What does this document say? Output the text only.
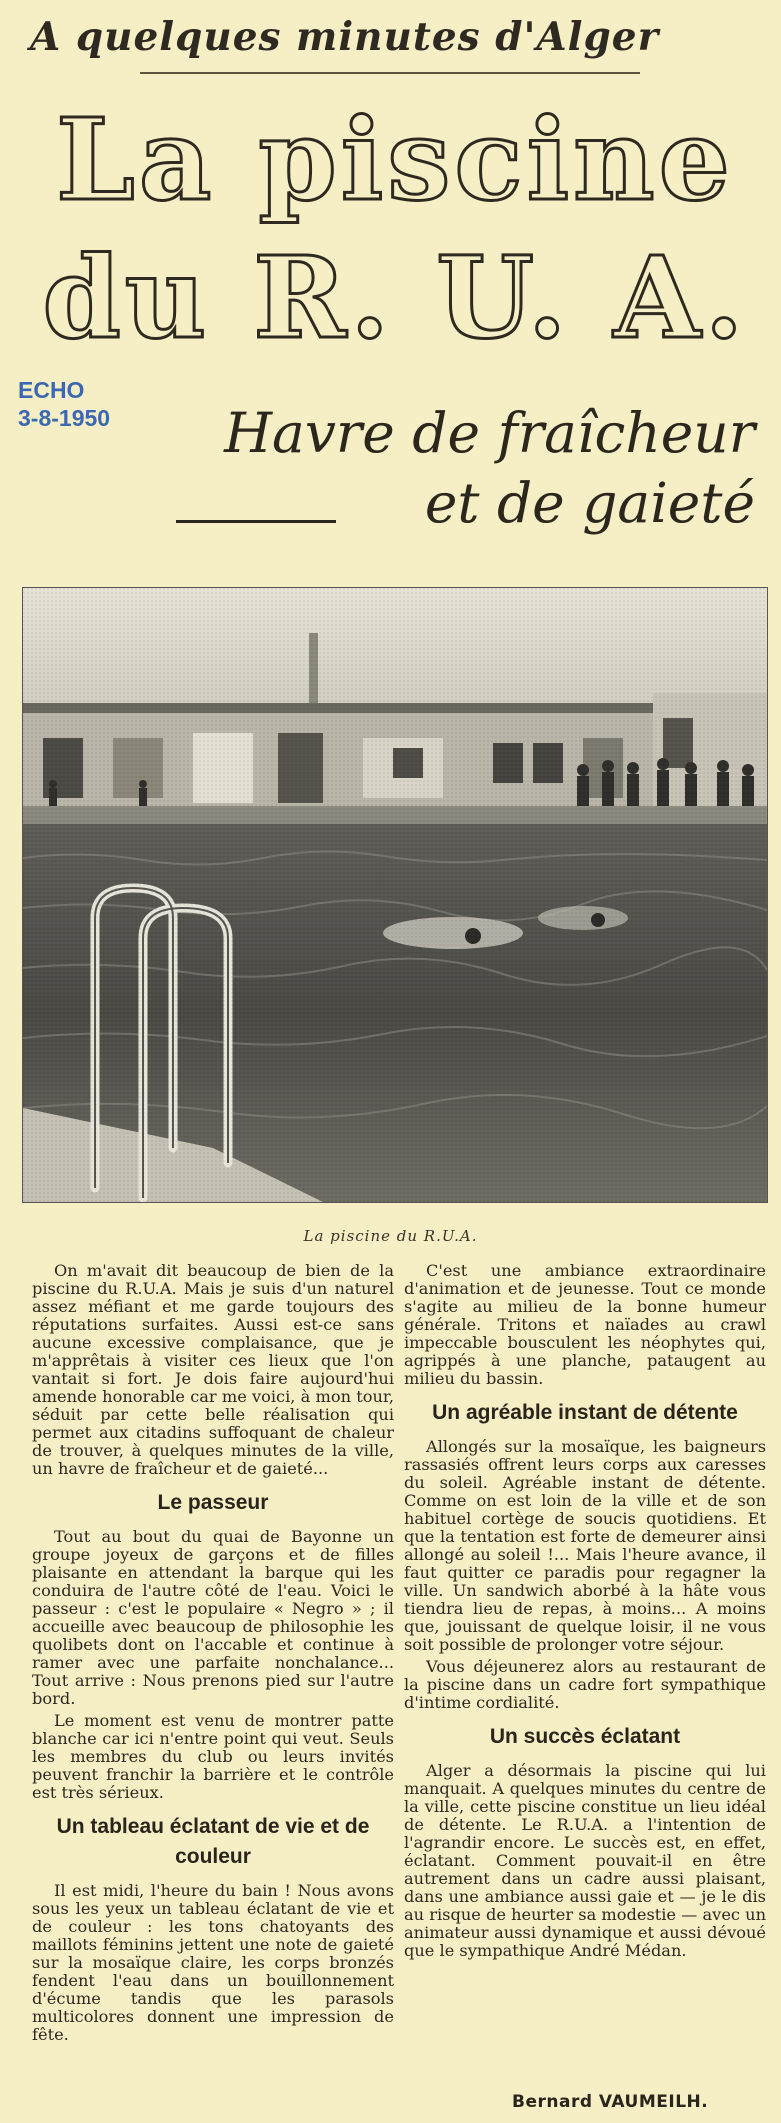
A quelques minutes d'Alger
La piscine
du R. U. A.
ECHO
3-8-1950	Havre de fraîcheur
et de gaieté
La piscine du R.U.A.

On m'avait dit beaucoup de bien de la piscine du R.U.A. Mais je suis d'un naturel assez méfiant et me garde toujours des réputations surfaites. Aussi est-ce sans aucune excessive complaisance, que je m'apprêtais à visiter ces lieux que l'on vantait si fort. Je dois faire aujourd'hui amende honorable car me voici, à mon tour, séduit par cette belle réalisation qui permet aux citadins suffoquant de chaleur de trouver, à quelques minutes de la ville, un havre de fraîcheur et de gaieté...

Le passeur

Tout au bout du quai de Bayonne un groupe joyeux de garçons et de filles plaisante en attendant la barque qui les conduira de l'autre côté de l'eau. Voici le passeur : c'est le populaire « Negro » ; il accueille avec beaucoup de philosophie les quolibets dont on l'accable et continue à ramer avec une parfaite nonchalance... Tout arrive : Nous prenons pied sur l'autre bord.

Le moment est venu de montrer patte blanche car ici n'entre point qui veut. Seuls les membres du club ou leurs invités peuvent franchir la barrière et le contrôle est très sérieux.

Un tableau éclatant de vie et de couleur

Il est midi, l'heure du bain ! Nous avons sous les yeux un tableau éclatant de vie et de couleur : les tons chatoyants des maillots féminins jettent une note de gaieté sur la mosaïque claire, les corps bronzés fendent l'eau dans un bouillonnement d'écume tandis que les parasols multicolores donnent une impression de fête.

C'est une ambiance extraordinaire d'animation et de jeunesse. Tout ce monde s'agite au milieu de la bonne humeur générale. Tritons et naïades au crawl impeccable bousculent les néophytes qui, agrippés à une planche, pataugent au milieu du bassin.

Un agréable instant de détente

Allongés sur la mosaïque, les baigneurs rassasiés offrent leurs corps aux caresses du soleil. Agréable instant de détente. Comme on est loin de la ville et de son habituel cortège de soucis quotidiens. Et que la tentation est forte de demeurer ainsi allongé au soleil !... Mais l'heure avance, il faut quitter ce paradis pour regagner la ville. Un sandwich aborbé à la hâte vous tiendra lieu de repas, à moins... A moins que, jouissant de quelque loisir, il ne vous soit possible de prolonger votre séjour.

Vous déjeunerez alors au restaurant de la piscine dans un cadre fort sympathique d'intime cordialité.

Un succès éclatant

Alger a désormais la piscine qui lui manquait. A quelques minutes du centre de la ville, cette piscine constitue un lieu idéal de détente. Le R.U.A. a l'intention de l'agrandir encore. Le succès est, en effet, éclatant. Comment pouvait-il en être autrement dans un cadre aussi plaisant, dans une ambiance aussi gaie et — je le dis au risque de heurter sa modestie — avec un animateur aussi dynamique et aussi dévoué que le sympathique André Médan.

Bernard VAUMEILH.
